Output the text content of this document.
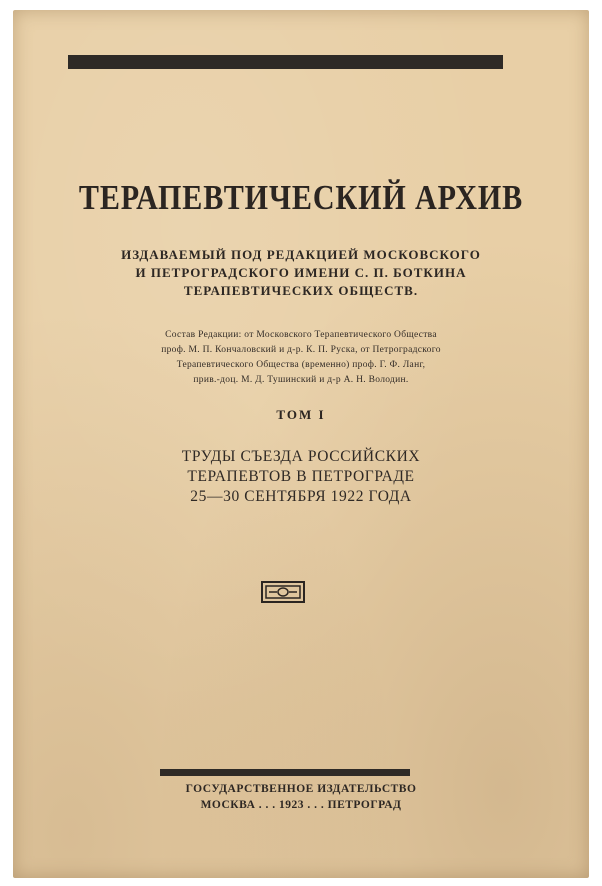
ТЕРАПЕВТИЧЕСКИЙ АРХИВ
ИЗДАВАЕМЫЙ ПОД РЕДАКЦИЕЙ МОСКОВСКОГО
И ПЕТРОГРАДСКОГО ИМЕНИ С. П. БОТКИНА
ТЕРАПЕВТИЧЕСКИХ ОБЩЕСТВ.
Состав Редакции: от Московского Терапевтического Общества
проф. М. П. Кончаловский и д-р. К. П. Руска, от Петроградского
Терапевтического Общества (временно) проф. Г. Ф. Ланг,
прив.-доц. М. Д. Тушинский и д-р А. Н. Володин.
ТОМ I
ТРУДЫ СЪЕЗДА РОССИЙСКИХ
ТЕРАПЕВТОВ В ПЕТРОГРАДЕ
25—30 СЕНТЯБРЯ 1922 ГОДА
ГОСУДАРСТВЕННОЕ ИЗДАТЕЛЬСТВО
МОСКВА . . . 1923 . . . ПЕТРОГРАД
